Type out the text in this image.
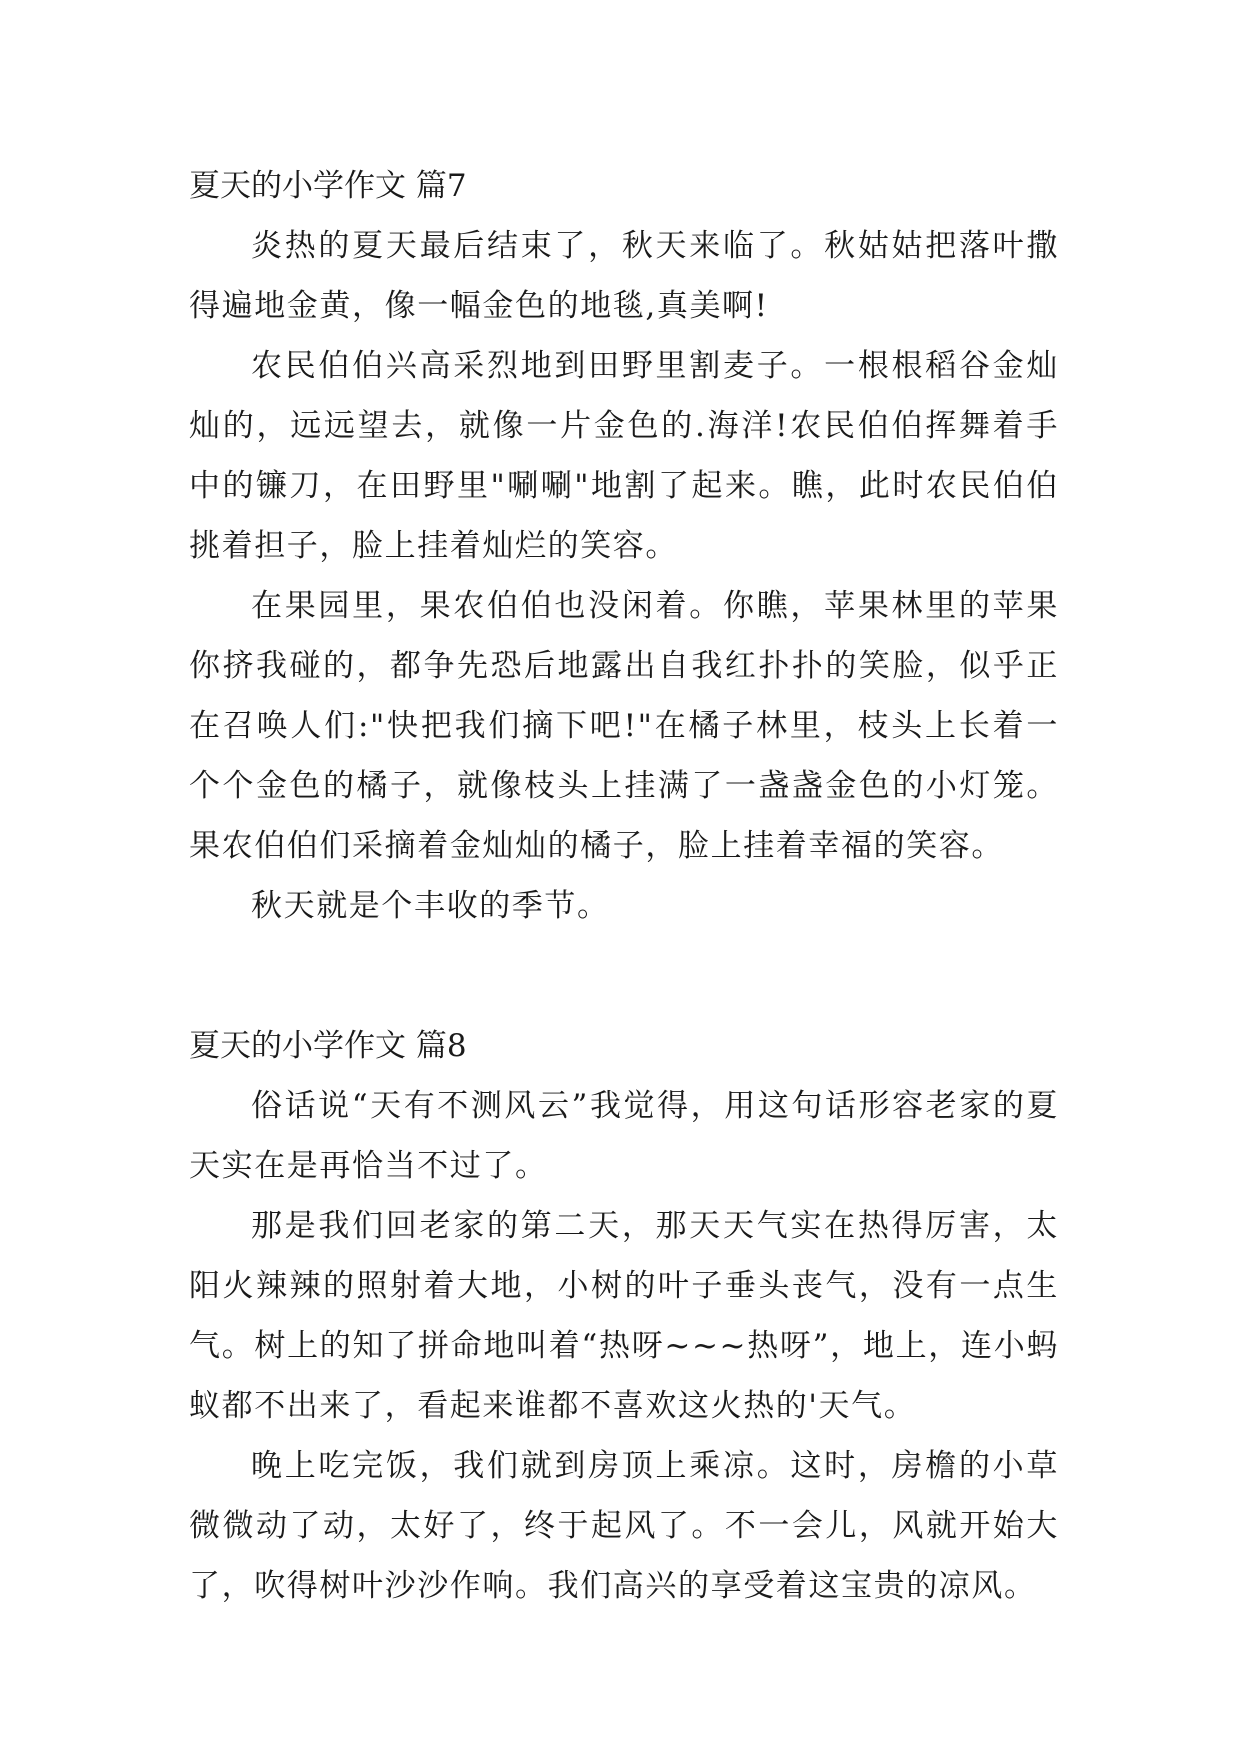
夏天的小学作文 篇7

炎热的夏天最后结束了，秋天来临了。秋姑姑把落叶撒得遍地金黄，像一幅金色的地毯,真美啊!

农民伯伯兴高采烈地到田野里割麦子。一根根稻谷金灿灿的，远远望去，就像一片金色的.海洋!农民伯伯挥舞着手中的镰刀，在田野里"唰唰"地割了起来。瞧，此时农民伯伯挑着担子，脸上挂着灿烂的笑容。

在果园里，果农伯伯也没闲着。你瞧，苹果林里的苹果你挤我碰的，都争先恐后地露出自我红扑扑的笑脸，似乎正在召唤人们:"快把我们摘下吧!"在橘子林里，枝头上长着一个个金色的橘子，就像枝头上挂满了一盏盏金色的小灯笼。果农伯伯们采摘着金灿灿的橘子，脸上挂着幸福的笑容。

秋天就是个丰收的季节。

夏天的小学作文 篇8

俗话说“天有不测风云”我觉得，用这句话形容老家的夏天实在是再恰当不过了。

那是我们回老家的第二天，那天天气实在热得厉害，太阳火辣辣的照射着大地，小树的叶子垂头丧气，没有一点生气。树上的知了拼命地叫着“热呀~~~热呀”，地上，连小蚂蚁都不出来了，看起来谁都不喜欢这火热的'天气。

晚上吃完饭，我们就到房顶上乘凉。这时，房檐的小草微微动了动，太好了，终于起风了。不一会儿，风就开始大了，吹得树叶沙沙作响。我们高兴的享受着这宝贵的凉风。
